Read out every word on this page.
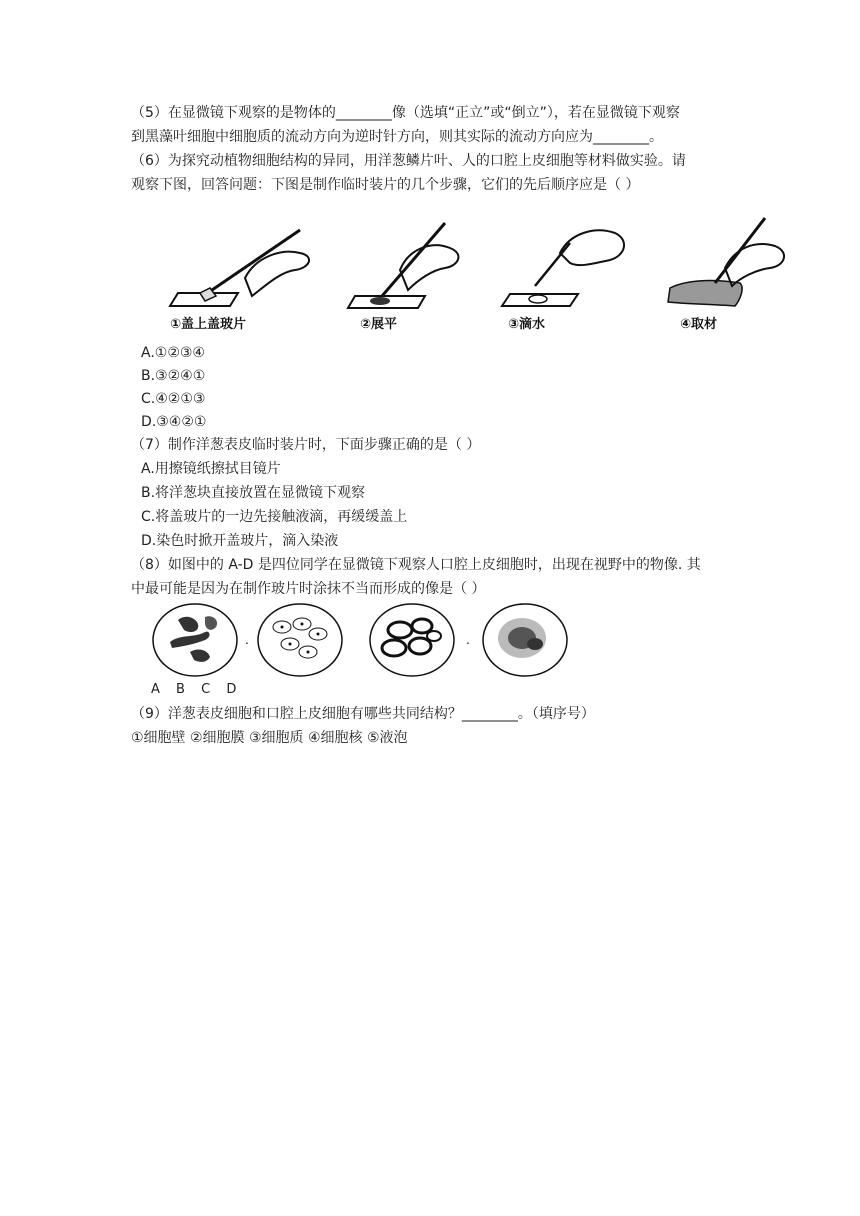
（5）在显微镜下观察的是物体的________像（选填“正立”或“倒立”），若在显微镜下观察
到黑藻叶细胞中细胞质的流动方向为逆时针方向，则其实际的流动方向应为________。
（6）为探究动植物细胞结构的异同，用洋葱鳞片叶、人的口腔上皮细胞等材料做实验。请
观察下图，回答问题：下图是制作临时装片的几个步骤，它们的先后顺序应是（ ）
①盖上盖玻片	②展平	③滴水	④取材
A.①②③④
B.③②④①
C.④②①③
D.③④②①
（7）制作洋葱表皮临时装片时，下面步骤正确的是（ ）
A.用擦镜纸擦拭目镜片
B.将洋葱块直接放置在显微镜下观察
C.将盖玻片的一边先接触液滴，再缓缓盖上
D.染色时掀开盖玻片，滴入染液
（8）如图中的 A-D 是四位同学在显微镜下观察人口腔上皮细胞时，出现在视野中的物像. 其
中最可能是因为在制作玻片时涂抹不当而形成的像是（ ）
.	.
A B C D
（9）洋葱表皮细胞和口腔上皮细胞有哪些共同结构？________。（填序号）
①细胞壁 ②细胞膜 ③细胞质 ④细胞核 ⑤液泡
